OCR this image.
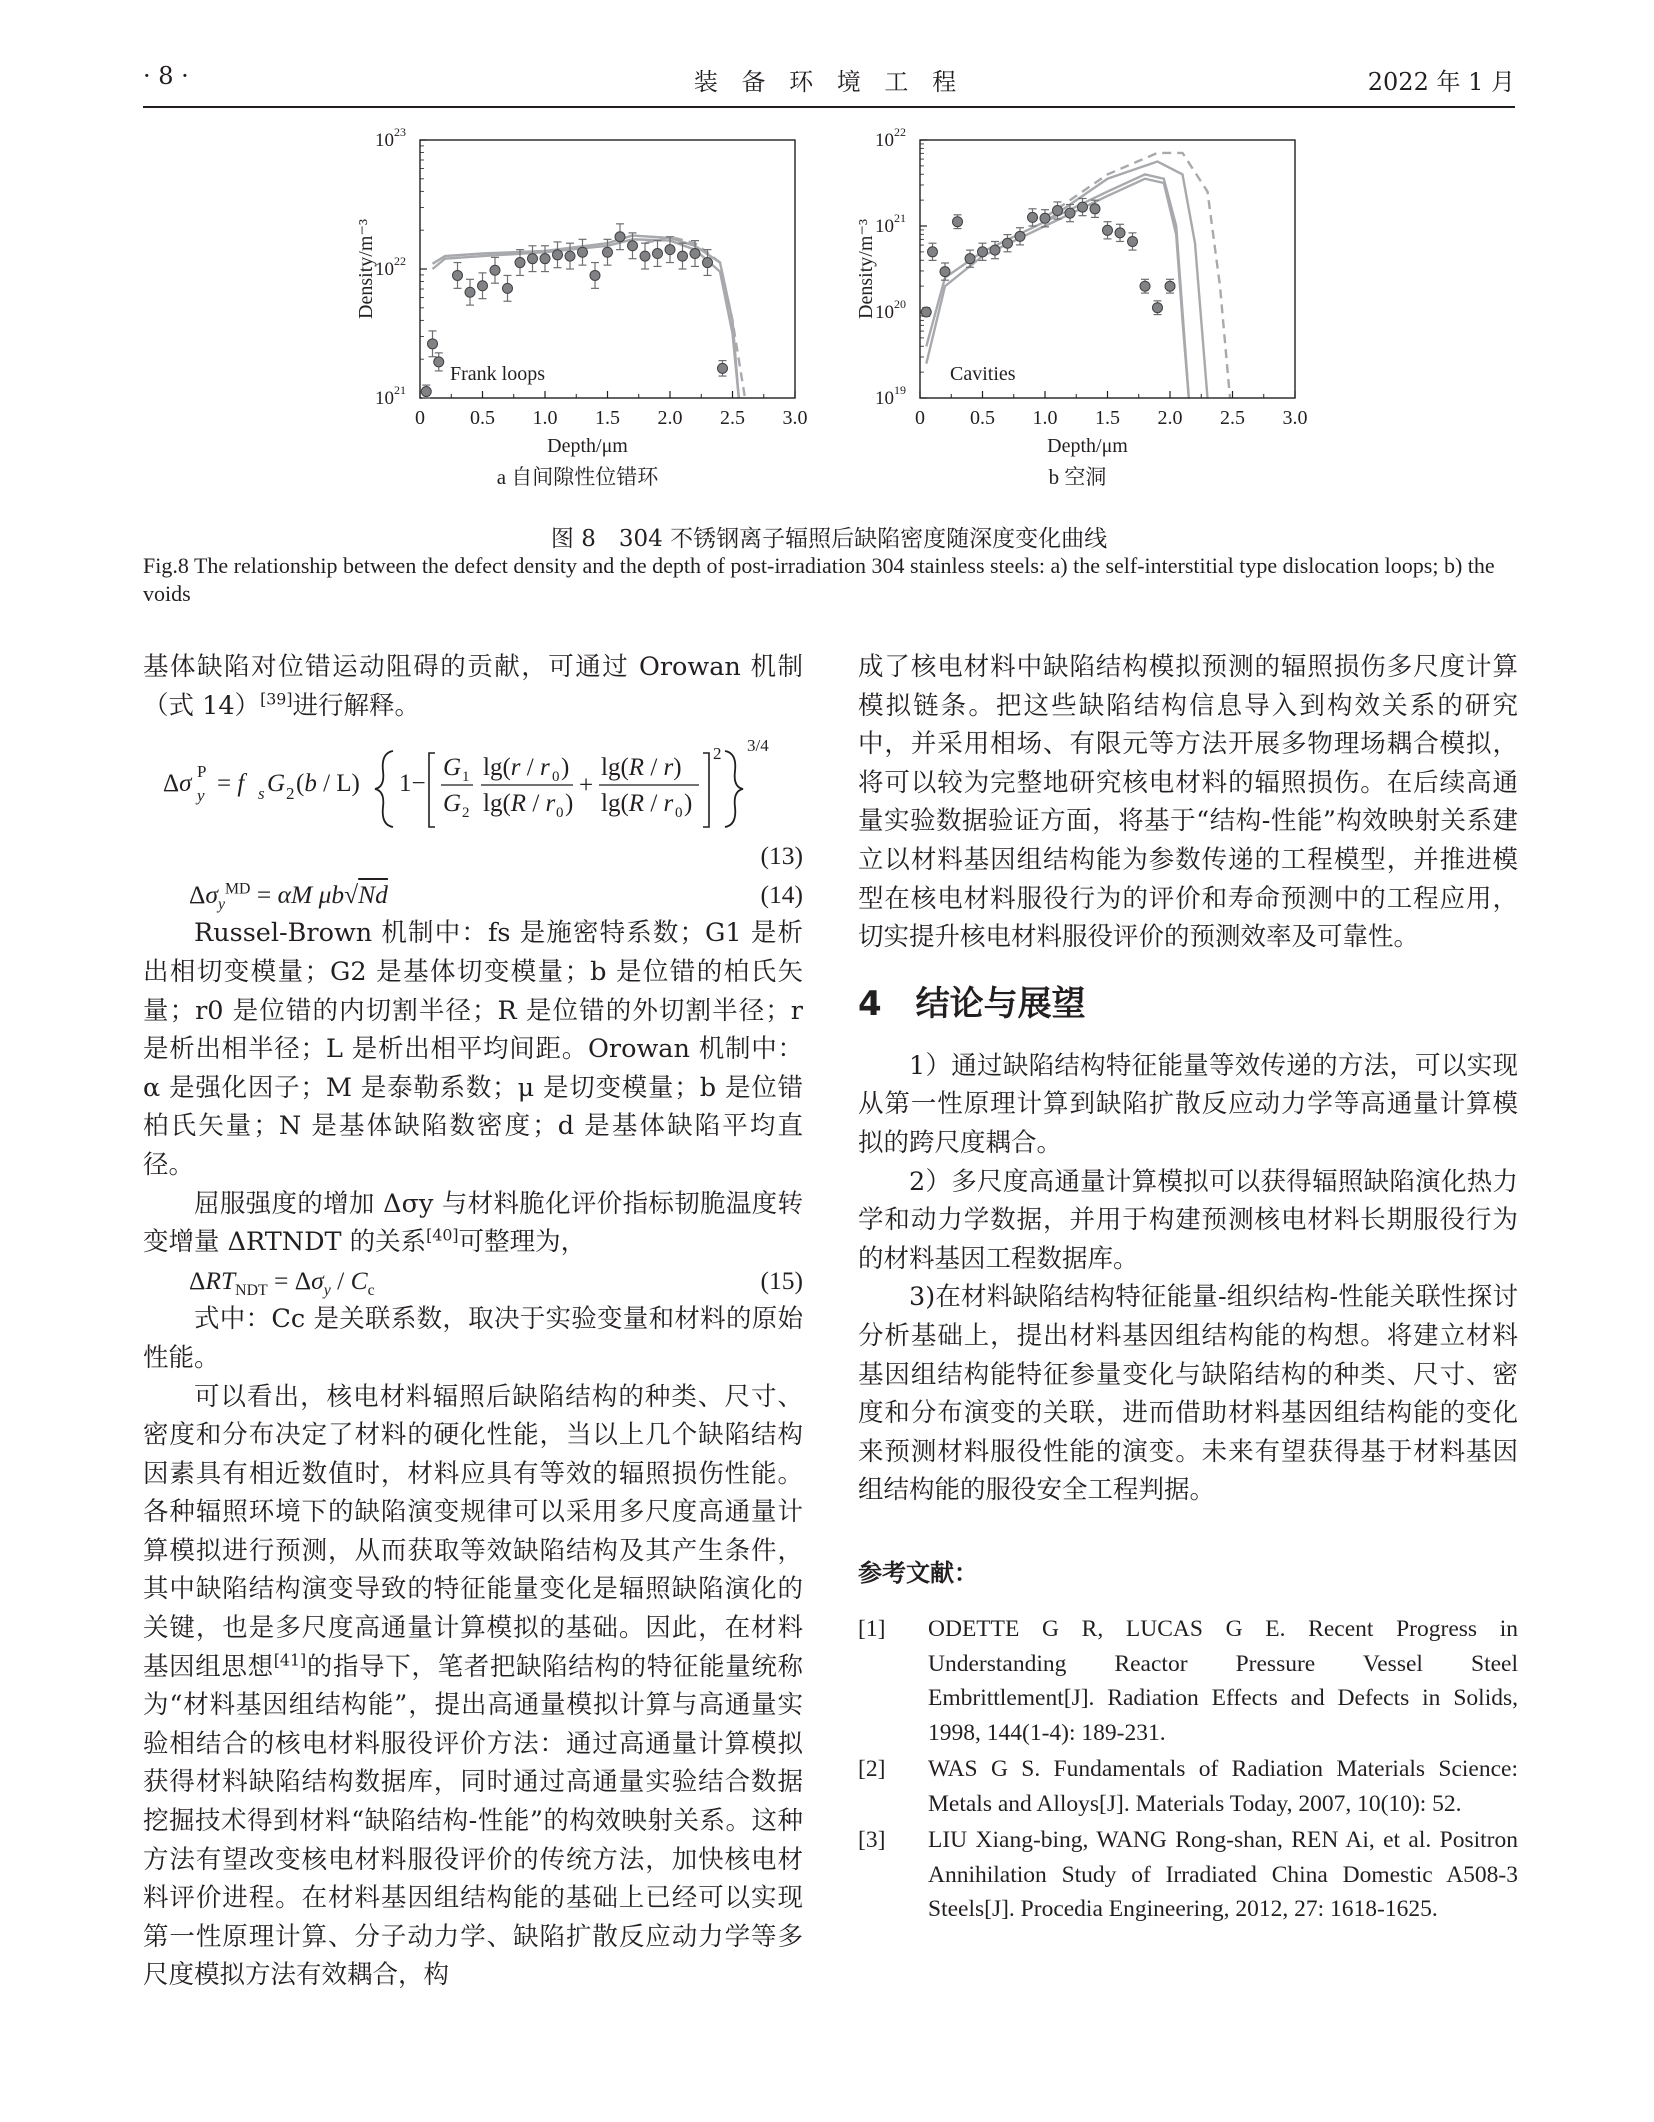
· 8 ·	装 备 环 境 工 程	2022 年 1 月
0 0.5 1.0 1.5 2.0 2.5 3.0
10 21
10 22
10 23
Frank loops
Depth/μm
Density/m⁻³
a 自间隙性位错环
0 0.5 1.0 1.5 2.0 2.5 3.0
10 19
10 20
10 21
10 22
Cavities
Depth/μm
Density/m⁻³
b 空洞
图 8　304 不锈钢离子辐照后缺陷密度随深度变化曲线
Fig.8 The relationship between the defect density and the depth of post-irradiation 304 stainless steels: a) the self-interstitial type dislocation loops; b) the voids

基体缺陷对位错运动阻碍的贡献，可通过 Orowan 机制（式 14）[39]进行解释。

Δσ y
P = f s G 2 (b / L) 1−
G 1
G 2
lg(r / r 0 )
lg(R / r 0 )
+
lg(R / r)
lg(R / r 0 )
2 3/4
(13)
$\Delta\sigma_y^{MD} = \alpha M$ μb√Nd	(14)

Russel-Brown 机制中：fs 是施密特系数；G1 是析出相切变模量；G2 是基体切变模量；b 是位错的柏氏矢量；r0 是位错的内切割半径；R 是位错的外切割半径；r 是析出相半径；L 是析出相平均间距。Orowan 机制中：α 是强化因子；M 是泰勒系数；μ 是切变模量；b 是位错柏氏矢量；N 是基体缺陷数密度；d 是基体缺陷平均直径。

屈服强度的增加 Δσy 与材料脆化评价指标韧脆温度转变增量 ΔRTNDT 的关系[40]可整理为，

$\Delta RT_{NDT} = \Delta\sigma_y / C_c$	(15)

式中：Cc 是关联系数，取决于实验变量和材料的原始性能。

可以看出，核电材料辐照后缺陷结构的种类、尺寸、密度和分布决定了材料的硬化性能，当以上几个缺陷结构因素具有相近数值时，材料应具有等效的辐照损伤性能。各种辐照环境下的缺陷演变规律可以采用多尺度高通量计算模拟进行预测，从而获取等效缺陷结构及其产生条件，其中缺陷结构演变导致的特征能量变化是辐照缺陷演化的关键，也是多尺度高通量计算模拟的基础。因此，在材料基因组思想[41]的指导下，笔者把缺陷结构的特征能量统称为“材料基因组结构能”，提出高通量模拟计算与高通量实验相结合的核电材料服役评价方法：通过高通量计算模拟获得材料缺陷结构数据库，同时通过高通量实验结合数据挖掘技术得到材料“缺陷结构-性能”的构效映射关系。这种方法有望改变核电材料服役评价的传统方法，加快核电材料评价进程。在材料基因组结构能的基础上已经可以实现第一性原理计算、分子动力学、缺陷扩散反应动力学等多尺度模拟方法有效耦合，构

成了核电材料中缺陷结构模拟预测的辐照损伤多尺度计算模拟链条。把这些缺陷结构信息导入到构效关系的研究中，并采用相场、有限元等方法开展多物理场耦合模拟，将可以较为完整地研究核电材料的辐照损伤。在后续高通量实验数据验证方面，将基于“结构-性能”构效映射关系建立以材料基因组结构能为参数传递的工程模型，并推进模型在核电材料服役行为的评价和寿命预测中的工程应用，切实提升核电材料服役评价的预测效率及可靠性。

4　结论与展望

1）通过缺陷结构特征能量等效传递的方法，可以实现从第一性原理计算到缺陷扩散反应动力学等高通量计算模拟的跨尺度耦合。

2）多尺度高通量计算模拟可以获得辐照缺陷演化热力学和动力学数据，并用于构建预测核电材料长期服役行为的材料基因工程数据库。

3)在材料缺陷结构特征能量-组织结构-性能关联性探讨分析基础上，提出材料基因组结构能的构想。将建立材料基因组结构能特征参量变化与缺陷结构的种类、尺寸、密度和分布演变的关联，进而借助材料基因组结构能的变化来预测材料服役性能的演变。未来有望获得基于材料基因组结构能的服役安全工程判据。

参考文献：

[1] ODETTE G R, LUCAS G E. Recent Progress in Understanding Reactor Pressure Vessel Steel Embrittlement[J]. Radiation Effects and Defects in Solids, 1998, 144(1-4): 189-231.

[2] WAS G S. Fundamentals of Radiation Materials Science: Metals and Alloys[J]. Materials Today, 2007, 10(10): 52.

[3] LIU Xiang-bing, WANG Rong-shan, REN Ai, et al. Positron Annihilation Study of Irradiated China Domestic A508-3 Steels[J]. Procedia Engineering, 2012, 27: 1618-1625.
